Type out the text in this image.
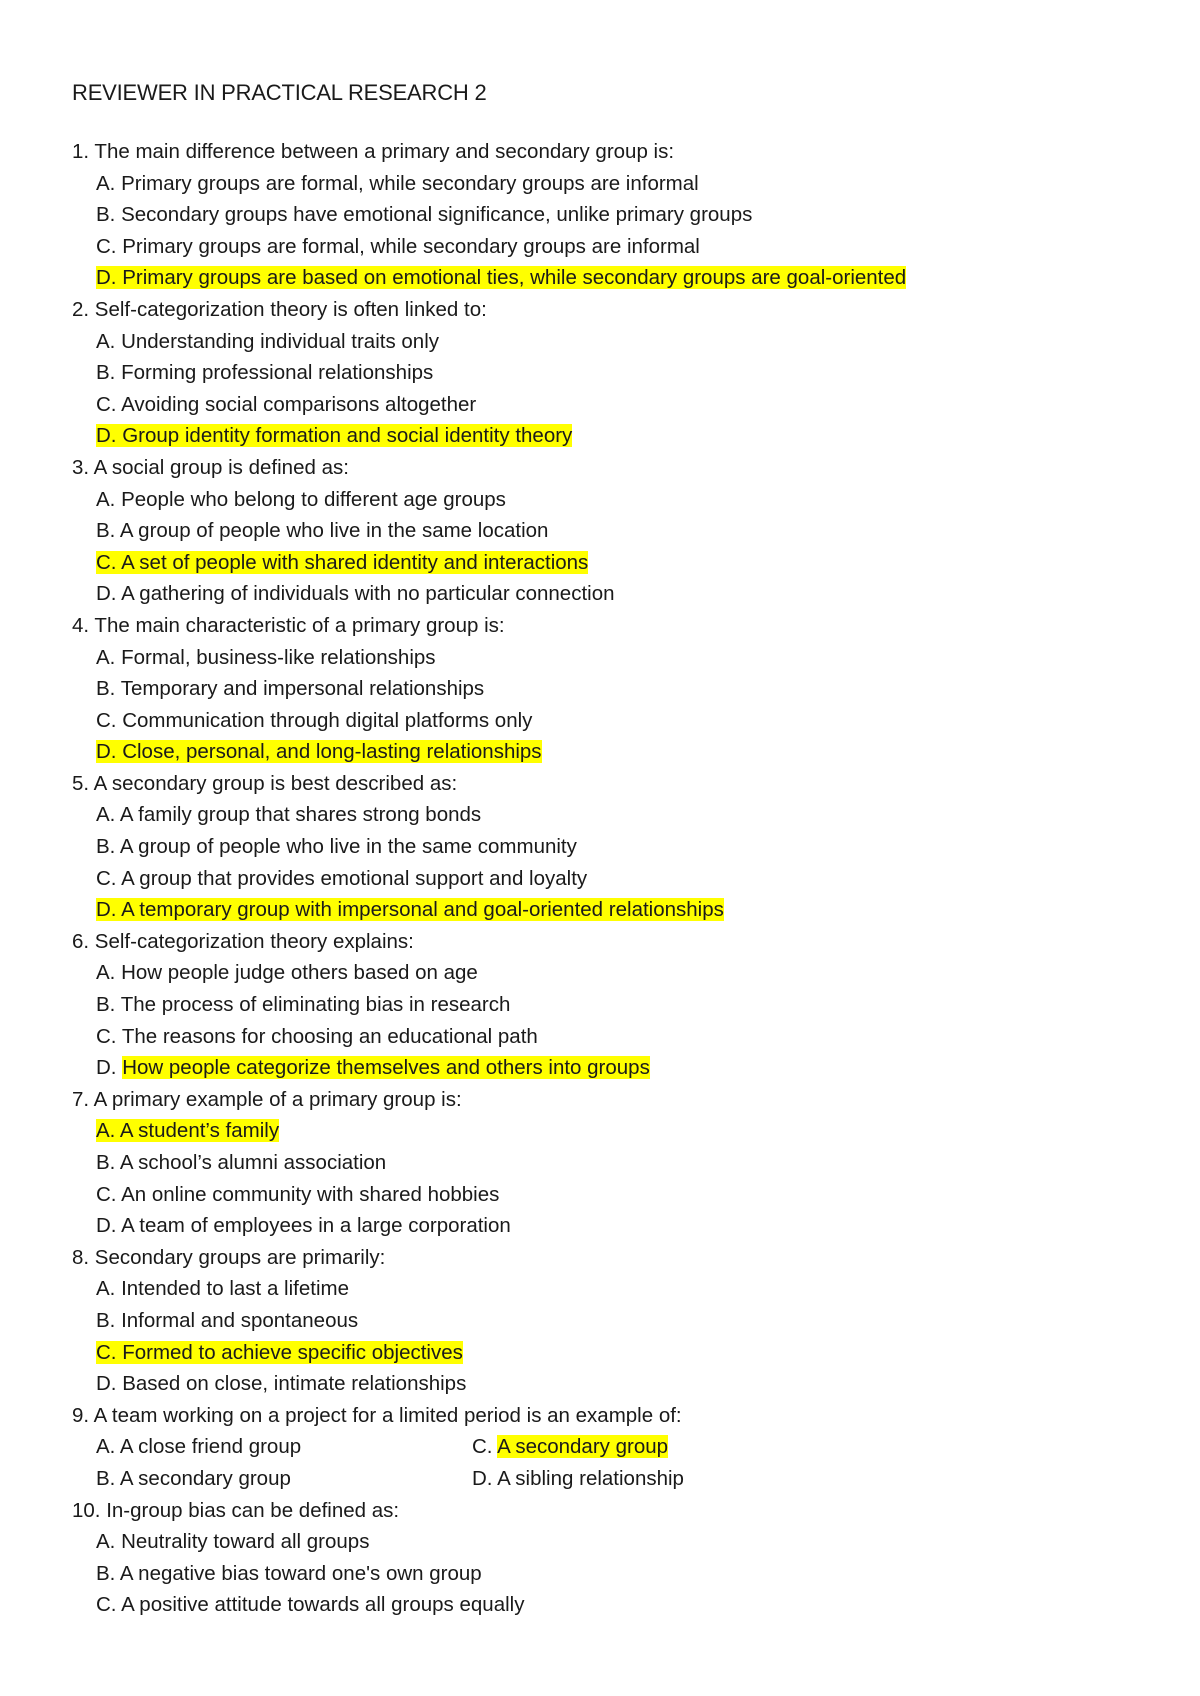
REVIEWER IN PRACTICAL RESEARCH 2
1. The main difference between a primary and secondary group is:
A. Primary groups are formal, while secondary groups are informal
B. Secondary groups have emotional significance, unlike primary groups
C. Primary groups are formal, while secondary groups are informal
D. Primary groups are based on emotional ties, while secondary groups are goal-oriented
2. Self-categorization theory is often linked to:
A. Understanding individual traits only
B. Forming professional relationships
C. Avoiding social comparisons altogether
D. Group identity formation and social identity theory
3. A social group is defined as:
A. People who belong to different age groups
B. A group of people who live in the same location
C. A set of people with shared identity and interactions
D. A gathering of individuals with no particular connection
4. The main characteristic of a primary group is:
A. Formal, business-like relationships
B. Temporary and impersonal relationships
C. Communication through digital platforms only
D. Close, personal, and long-lasting relationships
5. A secondary group is best described as:
A. A family group that shares strong bonds
B. A group of people who live in the same community
C. A group that provides emotional support and loyalty
D. A temporary group with impersonal and goal-oriented relationships
6. Self-categorization theory explains:
A. How people judge others based on age
B. The process of eliminating bias in research
C. The reasons for choosing an educational path
D. How people categorize themselves and others into groups
7. A primary example of a primary group is:
A. A student’s family
B. A school’s alumni association
C. An online community with shared hobbies
D. A team of employees in a large corporation
8. Secondary groups are primarily:
A. Intended to last a lifetime
B. Informal and spontaneous
C. Formed to achieve specific objectives
D. Based on close, intimate relationships
9. A team working on a project for a limited period is an example of:
A. A close friend group	C. A secondary group
B. A secondary group	D. A sibling relationship
10. In-group bias can be defined as:
A. Neutrality toward all groups
B. A negative bias toward one's own group
C. A positive attitude towards all groups equally
